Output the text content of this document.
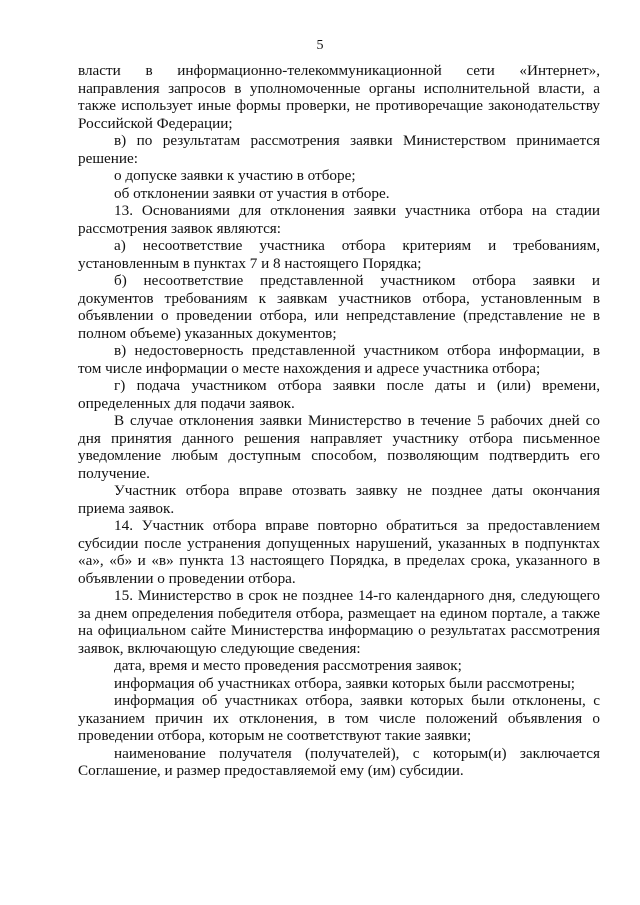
5

власти в информационно-телекоммуникационной сети «Интернет», направления запросов в уполномоченные органы исполнительной власти, а также использует иные формы проверки, не противоречащие законодательству Российской Федерации;

в) по результатам рассмотрения заявки Министерством принимается решение:

о допуске заявки к участию в отборе;

об отклонении заявки от участия в отборе.

13. Основаниями для отклонения заявки участника отбора на стадии рассмотрения заявок являются:

а) несоответствие участника отбора критериям и требованиям, установленным в пунктах 7 и 8 настоящего Порядка;

б) несоответствие представленной участником отбора заявки и документов требованиям к заявкам участников отбора, установленным в объявлении о проведении отбора, или непредставление (представление не в полном объеме) указанных документов;

в) недостоверность представленной участником отбора информации, в том числе информации о месте нахождения и адресе участника отбора;

г) подача участником отбора заявки после даты и (или) времени, определенных для подачи заявок.

В случае отклонения заявки Министерство в течение 5 рабочих дней со дня принятия данного решения направляет участнику отбора письменное уведомление любым доступным способом, позволяющим подтвердить его получение.

Участник отбора вправе отозвать заявку не позднее даты окончания приема заявок.

14. Участник отбора вправе повторно обратиться за предоставлением субсидии после устранения допущенных нарушений, указанных в подпунктах «а», «б» и «в» пункта 13 настоящего Порядка, в пределах срока, указанного в объявлении о проведении отбора.

15. Министерство в срок не позднее 14-го календарного дня, следующего за днем определения победителя отбора, размещает на едином портале, а также на официальном сайте Министерства информацию о результатах рассмотрения заявок, включающую следующие сведения:

дата, время и место проведения рассмотрения заявок;

информация об участниках отбора, заявки которых были рассмотрены;

информация об участниках отбора, заявки которых были отклонены, с указанием причин их отклонения, в том числе положений объявления о проведении отбора, которым не соответствуют такие заявки;

наименование получателя (получателей), с которым(и) заключается Соглашение, и размер предоставляемой ему (им) субсидии.
